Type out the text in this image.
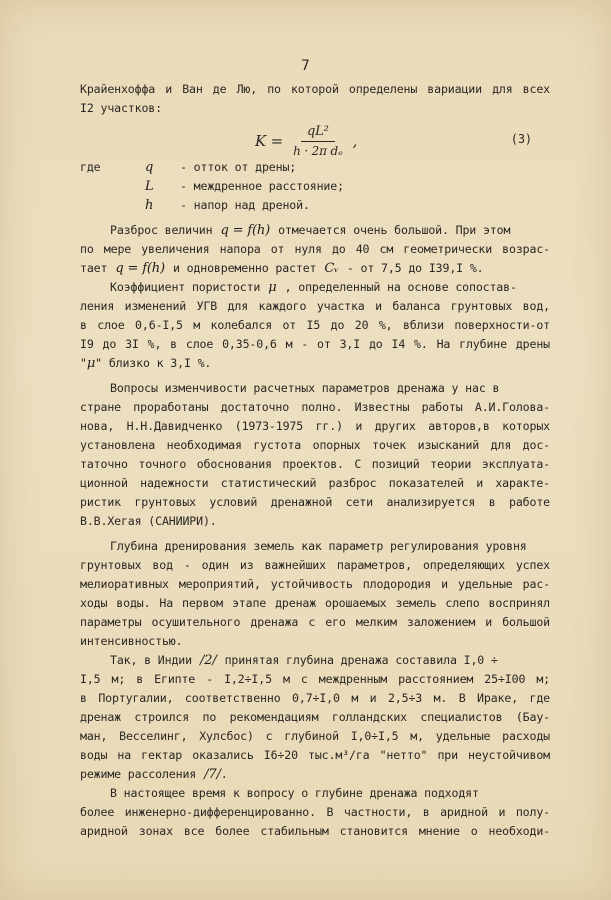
7
Крайенхоффа и Ван де Лю, по которой определены вариации для всех
I2 участков:
$K = \frac{\text{qL²}}{\text{h · 2π dₑ}}$ ,	(3)
где	q - отток от дрены;
L - междренное расстояние;
h - напор над дреной.
Разброс величин q = f(h) отмечается очень большой. При этом
по мере увеличения напора от нуля до 40 см геометрически возрас-
тает q = f(h) и одновременно растет Cᵥ - от 7,5 до I39,I %.
Коэффициент пористости μ , определенный на основе сопостав-
ления изменений УГВ для каждого участка и баланса грунтовых вод,
в слое 0,6-I,5 м колебался от I5 до 20 %, вблизи поверхности-от
I9 до 3I %, в слое 0,35-0,6 м - от 3,I до I4 %. На глубине дрены
"μ" близко к 3,I %.
Вопросы изменчивости расчетных параметров дренажа у нас в
стране проработаны достаточно полно. Известны работы А.И.Голова-
нова, Н.Н.Давидченко (1973-1975 гг.) и других авторов,в которых
установлена необходимая густота опорных точек изысканий для дос-
таточно точного обоснования проектов. С позиций теории эксплуата-
ционной надежности статистический разброс показателей и характе-
ристик грунтовых условий дренажной сети анализируется в работе
В.В.Хегая (САНИИРИ).
Глубина дренирования земель как параметр регулирования уровня
грунтовых вод - один из важнейших параметров, определяющих успех
мелиоративных мероприятий, устойчивость плодородия и удельные рас-
ходы воды. На первом этапе дренаж орошаемых земель слепо воспринял
параметры осушительного дренажа с его мелким заложением и большой
интенсивностью.
Так, в Индии /2/ принятая глубина дренажа составила I,0 ÷
I,5 м; в Египте - I,2÷I,5 м с междренным расстоянием 25÷I00 м;
в Португалии, соответственно 0,7÷I,0 м и 2,5÷3 м. В Ираке, где
дренаж строился по рекомендациям голландских специалистов (Бау-
ман, Весселинг, Хулсбос) с глубиной I,0÷I,5 м, удельные расходы
воды на гектар оказались I6÷20 тыс.м³/га "нетто" при неустойчивом
режиме рассоления /7/.
В настоящее время к вопросу о глубине дренажа подходят
более инженерно-дифференцированно. В частности, в аридной и полу-
аридной зонах все более стабильным становится мнение о необходи-
